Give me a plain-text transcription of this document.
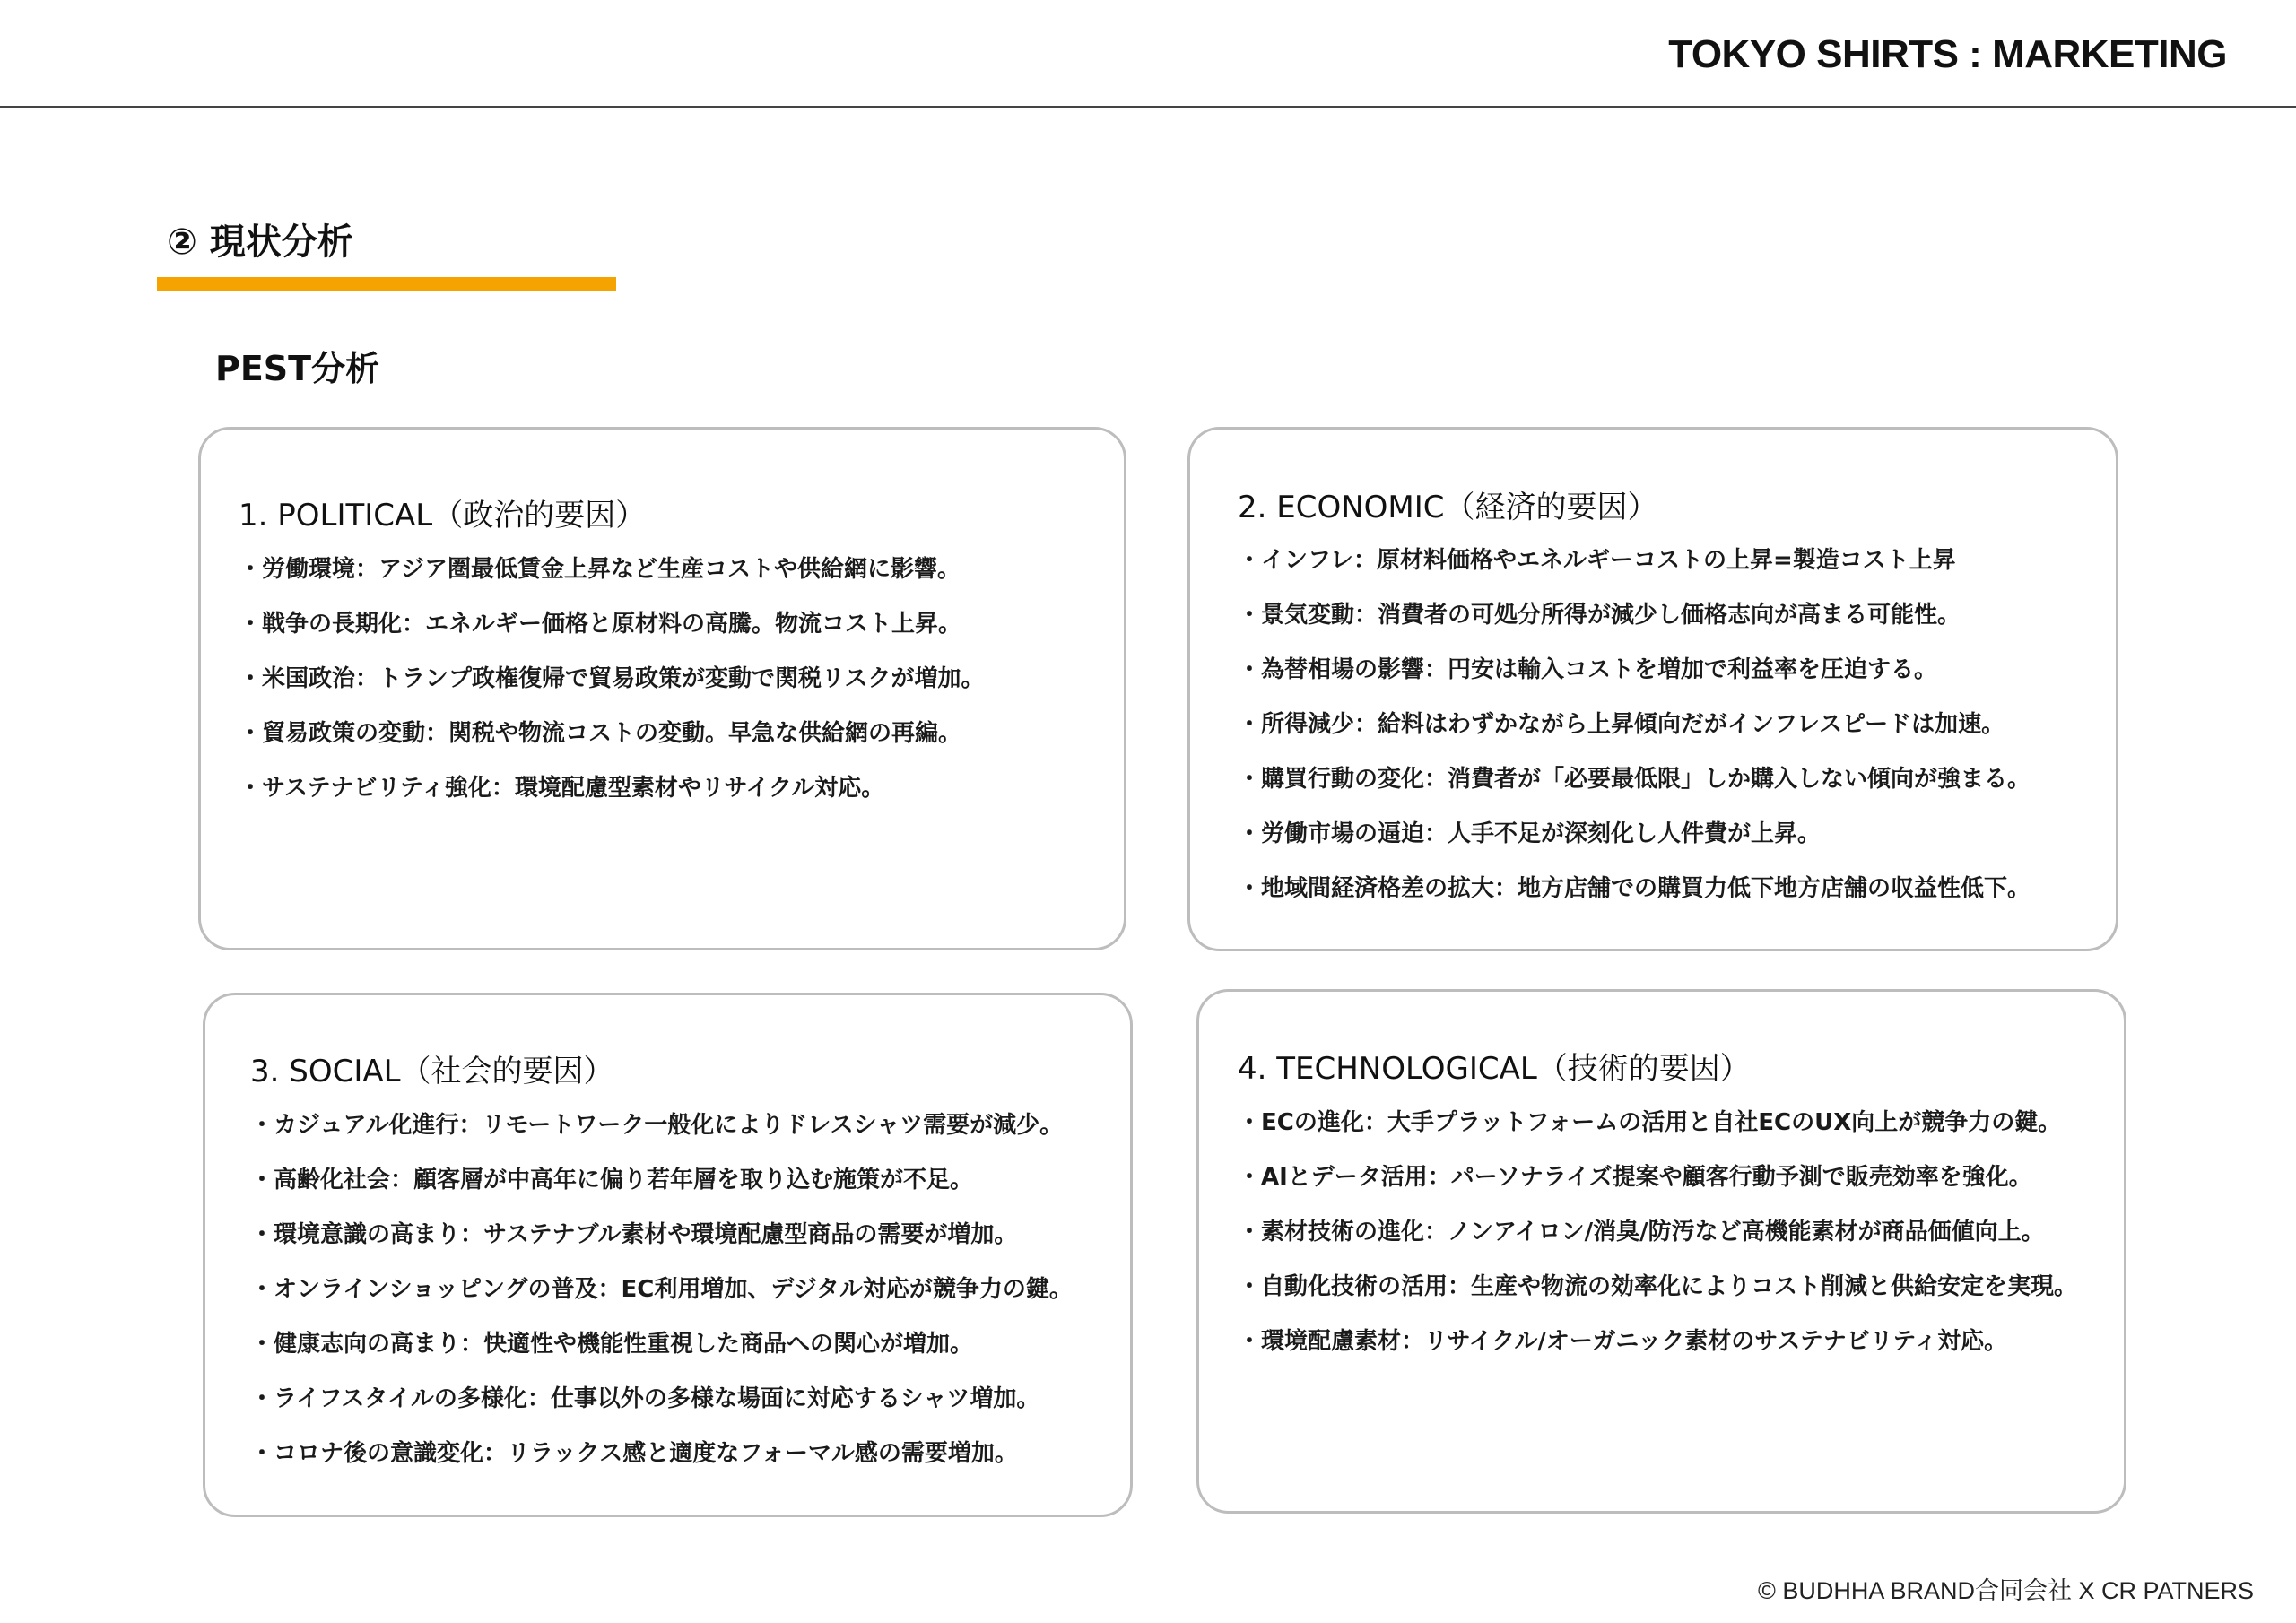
TOKYO SHIRTS : MARKETING
② 現状分析
PEST分析
1. POLITICAL（政治的要因）
・労働環境：アジア圏最低賃金上昇など生産コストや供給網に影響。
・戦争の長期化：エネルギー価格と原材料の高騰。物流コスト上昇。
・米国政治：トランプ政権復帰で貿易政策が変動で関税リスクが増加。
・貿易政策の変動：関税や物流コストの変動。早急な供給網の再編。
・サステナビリティ強化：環境配慮型素材やリサイクル対応。
2. ECONOMIC（経済的要因）
・インフレ：原材料価格やエネルギーコストの上昇=製造コスト上昇
・景気変動：消費者の可処分所得が減少し価格志向が高まる可能性。
・為替相場の影響：円安は輸入コストを増加で利益率を圧迫する。
・所得減少：給料はわずかながら上昇傾向だがインフレスピードは加速。
・購買行動の変化：消費者が「必要最低限」しか購入しない傾向が強まる。
・労働市場の逼迫：人手不足が深刻化し人件費が上昇。
・地域間経済格差の拡大：地方店舗での購買力低下地方店舗の収益性低下。
3. SOCIAL（社会的要因）
・カジュアル化進行：リモートワーク一般化によりドレスシャツ需要が減少。
・高齢化社会：顧客層が中高年に偏り若年層を取り込む施策が不足。
・環境意識の高まり：サステナブル素材や環境配慮型商品の需要が増加。
・オンラインショッピングの普及：EC利用増加、デジタル対応が競争力の鍵。
・健康志向の高まり：快適性や機能性重視した商品への関心が増加。
・ライフスタイルの多様化：仕事以外の多様な場面に対応するシャツ増加。
・コロナ後の意識変化：リラックス感と適度なフォーマル感の需要増加。
4. TECHNOLOGICAL（技術的要因）
・ECの進化：大手プラットフォームの活用と自社ECのUX向上が競争力の鍵。
・AIとデータ活用：パーソナライズ提案や顧客行動予測で販売効率を強化。
・素材技術の進化：ノンアイロン/消臭/防汚など高機能素材が商品価値向上。
・自動化技術の活用：生産や物流の効率化によりコスト削減と供給安定を実現。
・環境配慮素材：リサイクル/オーガニック素材のサステナビリティ対応。
© BUDHHA BRAND合同会社 X CR PATNERS
